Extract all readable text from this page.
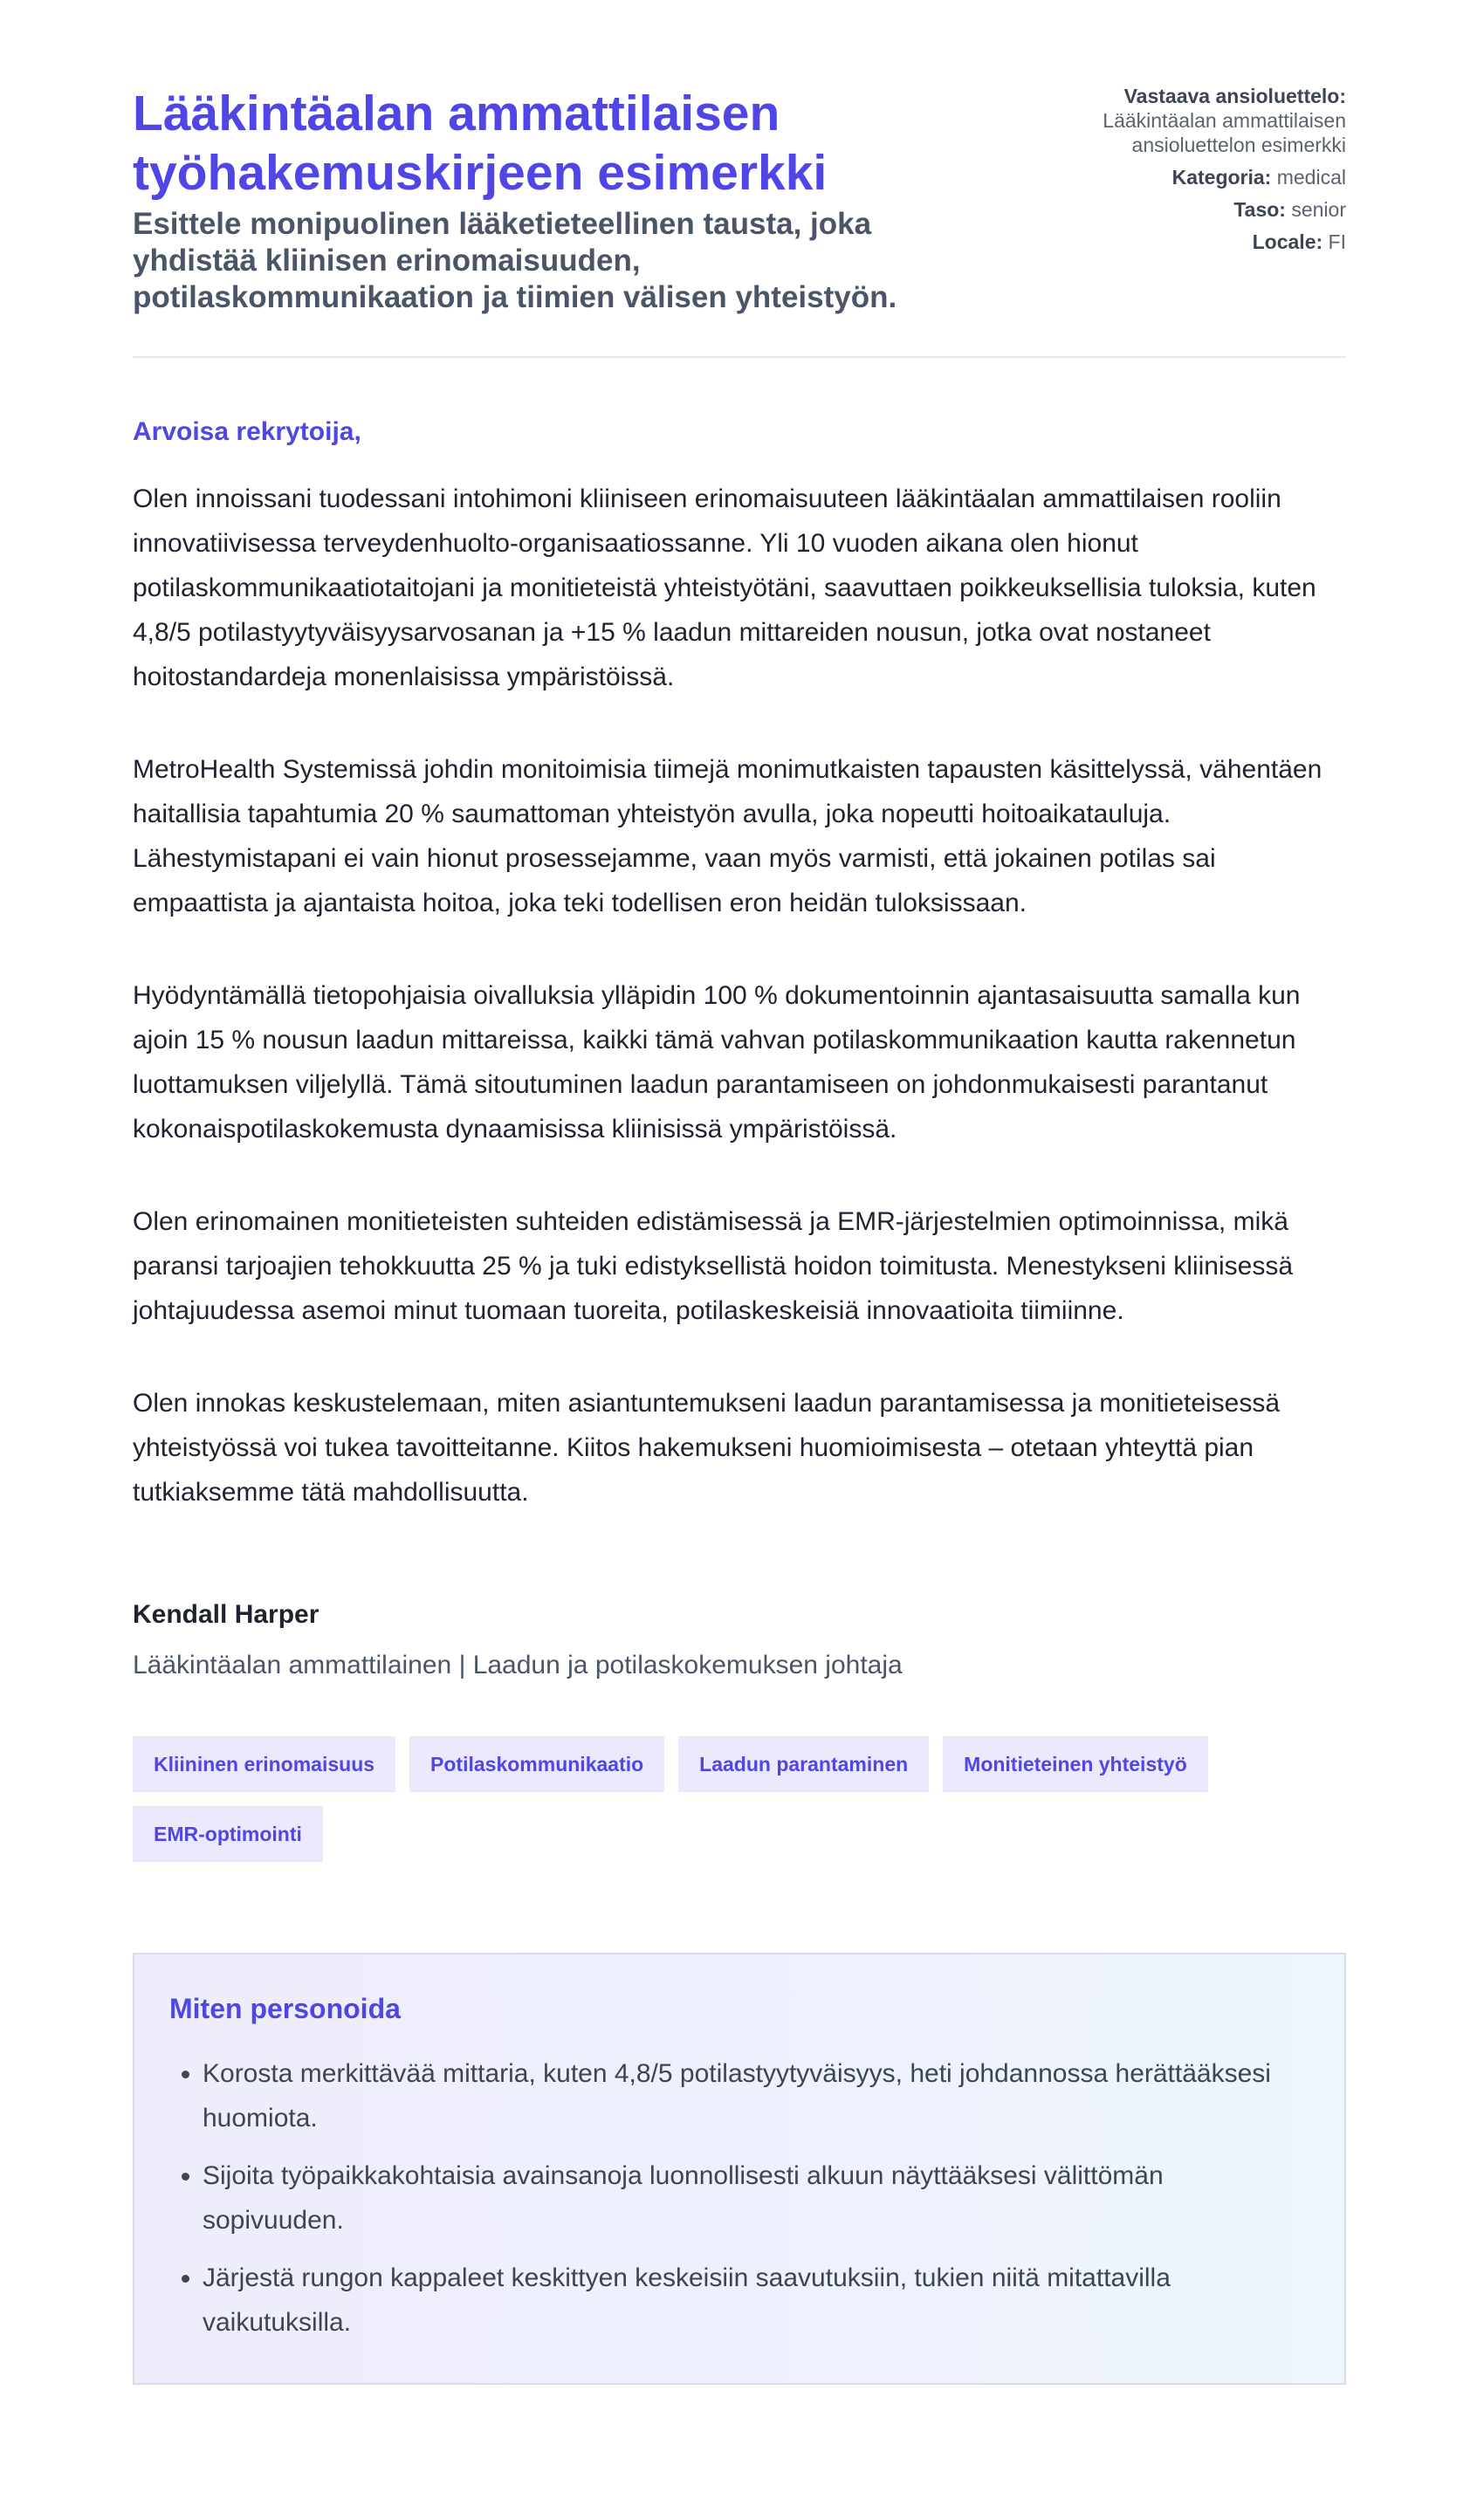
Lääkintäalan ammattilaisen työhakemuskirjeen esimerkki

Esittele monipuolinen lääketieteellinen tausta, joka yhdistää kliinisen erinomaisuuden, potilaskommunikaation ja tiimien välisen yhteistyön.

Vastaava ansioluettelo:
Lääkintäalan ammattilaisen ansioluettelon esimerkki
Kategoria: medical
Taso: senior
Locale: FI
Arvoisa rekrytoija,

Olen innoissani tuodessani intohimoni kliiniseen erinomaisuuteen lääkintäalan ammattilaisen rooliin innovatiivisessa terveydenhuolto-organisaatiossanne. Yli 10 vuoden aikana olen hionut potilaskommunikaatiotaitojani ja monitieteistä yhteistyötäni, saavuttaen poikkeuksellisia tuloksia, kuten 4,8/5 potilastyytyväisyysarvosanan ja +15 % laadun mittareiden nousun, jotka ovat nostaneet hoitostandardeja monenlaisissa ympäristöissä.

MetroHealth Systemissä johdin monitoimisia tiimejä monimutkaisten tapausten käsittelyssä, vähentäen haitallisia tapahtumia 20 % saumattoman yhteistyön avulla, joka nopeutti hoitoaikatauluja. Lähestymistapani ei vain hionut prosessejamme, vaan myös varmisti, että jokainen potilas sai empaattista ja ajantaista hoitoa, joka teki todellisen eron heidän tuloksissaan.

Hyödyntämällä tietopohjaisia oivalluksia ylläpidin 100 % dokumentoinnin ajantasaisuutta samalla kun ajoin 15 % nousun laadun mittareissa, kaikki tämä vahvan potilaskommunikaation kautta rakennetun luottamuksen viljelyllä. Tämä sitoutuminen laadun parantamiseen on johdonmukaisesti parantanut kokonaispotilaskokemusta dynaamisissa kliinisissä ympäristöissä.

Olen erinomainen monitieteisten suhteiden edistämisessä ja EMR-järjestelmien optimoinnissa, mikä paransi tarjoajien tehokkuutta 25 % ja tuki edistyksellistä hoidon toimitusta. Menestykseni kliinisessä johtajuudessa asemoi minut tuomaan tuoreita, potilaskeskeisiä innovaatioita tiimiinne.

Olen innokas keskustelemaan, miten asiantuntemukseni laadun parantamisessa ja monitieteisessä yhteistyössä voi tukea tavoitteitanne. Kiitos hakemukseni huomioimisesta – otetaan yhteyttä pian tutkiaksemme tätä mahdollisuutta.

Kendall Harper
Lääkintäalan ammattilainen | Laadun ja potilaskokemuksen johtaja
Kliininen erinomaisuus	Potilaskommunikaatio	Laadun parantaminen	Monitieteinen yhteistyö
EMR-optimointi
Miten personoida
• Korosta merkittävää mittaria, kuten 4,8/5 potilastyytyväisyys, heti johdannossa herättääksesi huomiota.
• Sijoita työpaikkakohtaisia avainsanoja luonnollisesti alkuun näyttääksesi välittömän sopivuuden.
• Järjestä rungon kappaleet keskittyen keskeisiin saavutuksiin, tukien niitä mitattavilla vaikutuksilla.
